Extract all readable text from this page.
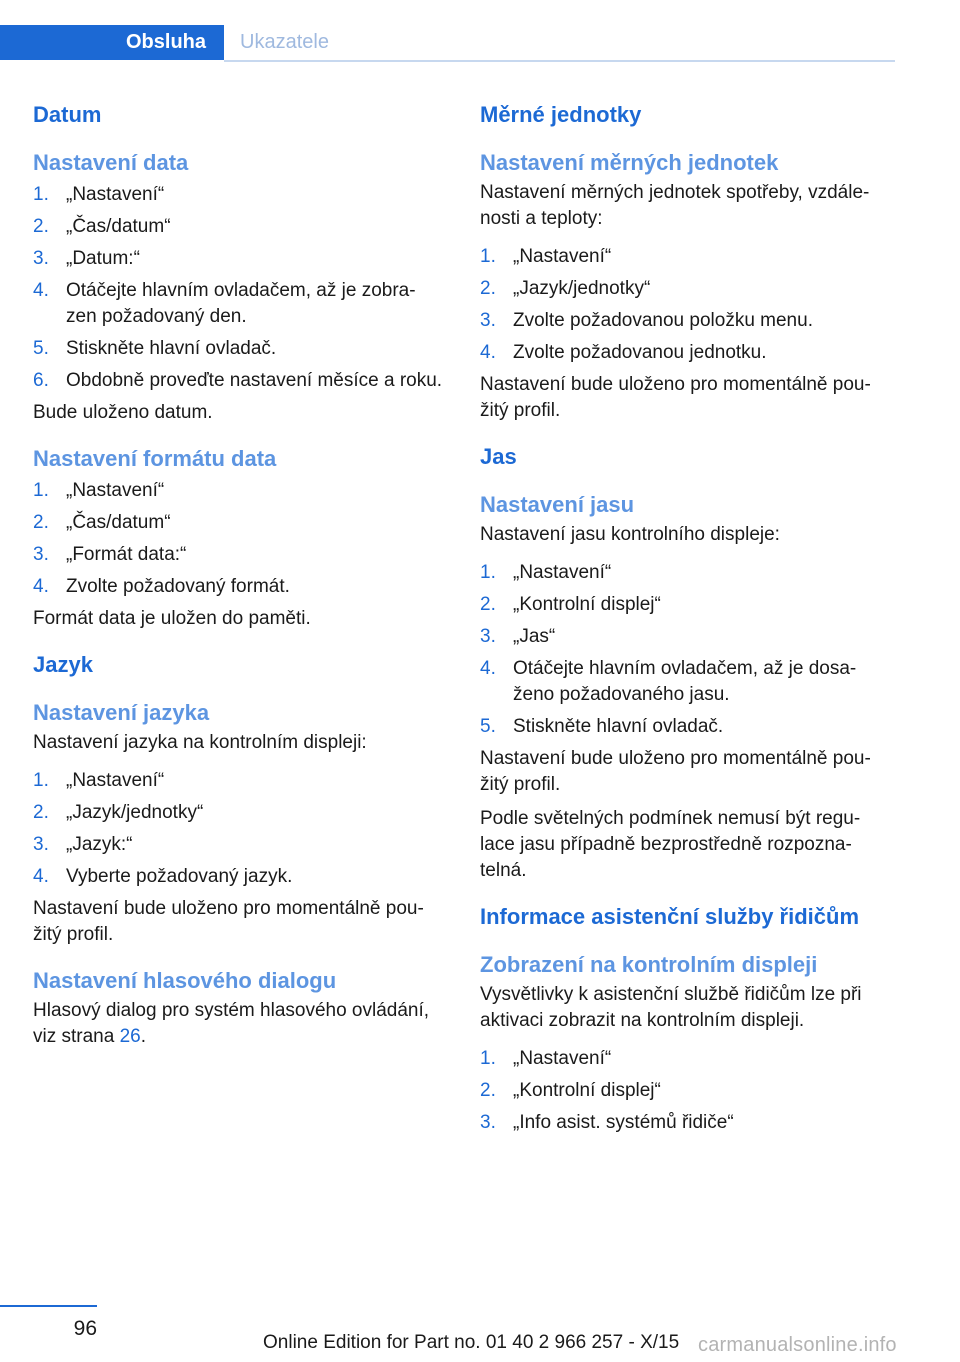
Obsluha	Ukazatele
Datum
Nastavení data
1. „Nastavení“
2. „Čas/datum“
3. „Datum:“
4. Otáčejte hlavním ovladačem, až je zobra‐ zen požadovaný den.
5. Stiskněte hlavní ovladač.
6. Obdobně proveďte nastavení měsíce a roku.
Bude uloženo datum.
Nastavení formátu data
1. „Nastavení“
2. „Čas/datum“
3. „Formát data:“
4. Zvolte požadovaný formát.
Formát data je uložen do paměti.
Jazyk
Nastavení jazyka
Nastavení jazyka na kontrolním displeji:
1. „Nastavení“
2. „Jazyk/jednotky“
3. „Jazyk:“
4. Vyberte požadovaný jazyk.
Nastavení bude uloženo pro momentálně pou‐ žitý profil.
Nastavení hlasového dialogu
Hlasový dialog pro systém hlasového ovládání, viz strana 26.
Měrné jednotky
Nastavení měrných jednotek
Nastavení měrných jednotek spotřeby, vzdále‐ nosti a teploty:
1. „Nastavení“
2. „Jazyk/jednotky“
3. Zvolte požadovanou položku menu.
4. Zvolte požadovanou jednotku.
Nastavení bude uloženo pro momentálně pou‐ žitý profil.
Jas
Nastavení jasu
Nastavení jasu kontrolního displeje:
1. „Nastavení“
2. „Kontrolní displej“
3. „Jas“
4. Otáčejte hlavním ovladačem, až je dosa‐ ženo požadovaného jasu.
5. Stiskněte hlavní ovladač.
Nastavení bude uloženo pro momentálně pou‐ žitý profil.
Podle světelných podmínek nemusí být regu‐ lace jasu případně bezprostředně rozpozna‐ telná.
Informace asistenční služby řidičům
Zobrazení na kontrolním displeji
Vysvětlivky k asistenční službě řidičům lze při aktivaci zobrazit na kontrolním displeji.
1. „Nastavení“
2. „Kontrolní displej“
3. „Info asist. systémů řidiče“
96
Online Edition for Part no. 01 40 2 966 257 - X/15 carmanualsonline.info
